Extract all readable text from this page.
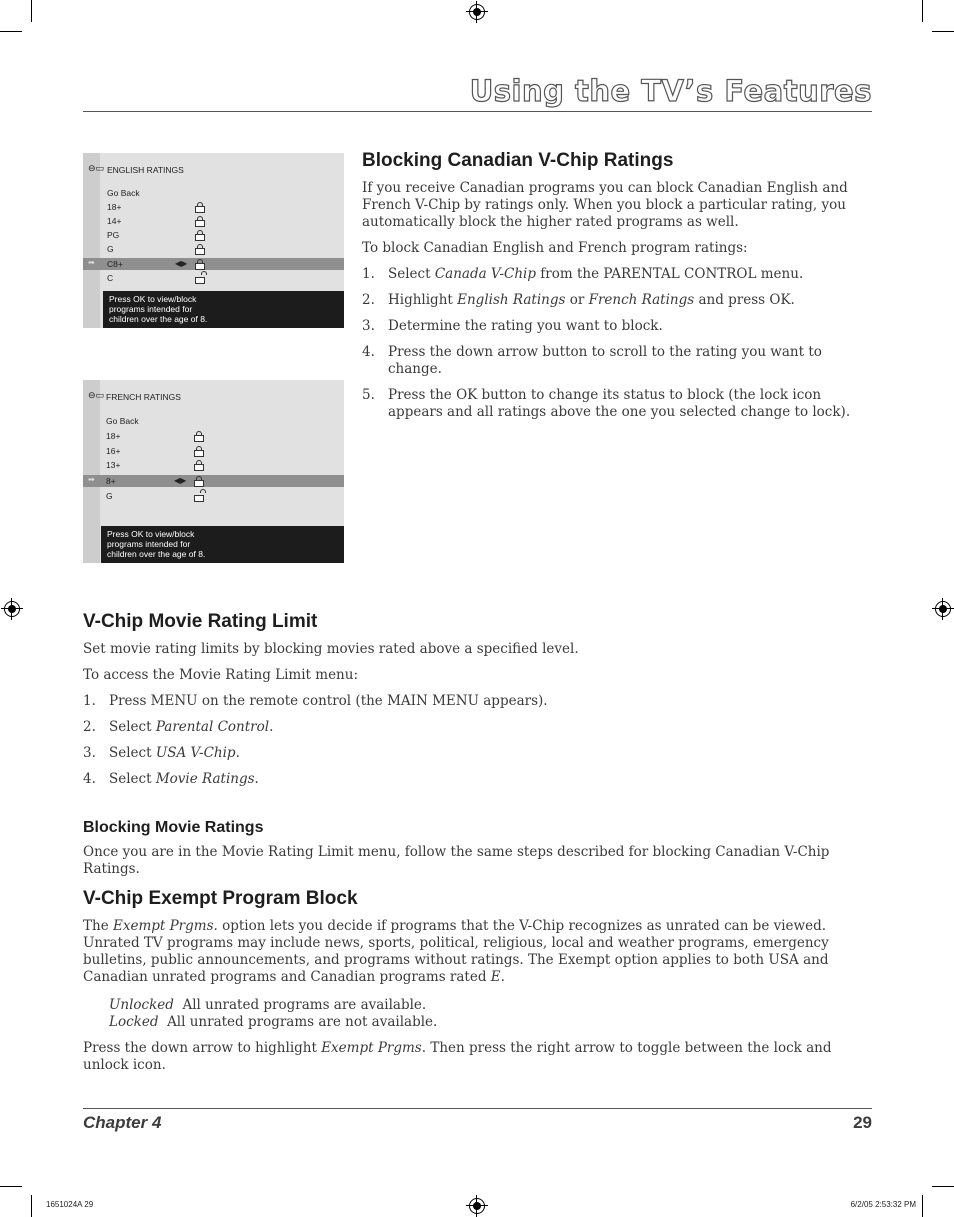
Using the TV’s Features
⊖▭ ENGLISH RATINGS
Go Back
➡
18+
14+
PG
G
C8+
C
◀▶
Press OK to view/block
programs intended for
children over the age of 8.
⊖▭ FRENCH RATINGS
Go Back
➡
18+
16+
13+
8+
G
◀▶
Press OK to view/block
programs intended for
children over the age of 8.
Blocking Canadian V-Chip Ratings
If you receive Canadian programs you can block Canadian English and French V-Chip by ratings only. When you block a particular rating, you automatically block the higher rated programs as well.
To block Canadian English and French program ratings:
1. Select Canada V-Chip from the PARENTAL CONTROL menu.
2. Highlight English Ratings or French Ratings and press OK.
3. Determine the rating you want to block.
4. Press the down arrow button to scroll to the rating you want to change.
5. Press the OK button to change its status to block (the lock icon appears and all ratings above the one you selected change to lock).
V-Chip Movie Rating Limit
Set movie rating limits by blocking movies rated above a specified level.
To access the Movie Rating Limit menu:
1. Press MENU on the remote control (the MAIN MENU appears).
2. Select Parental Control.
3. Select USA V-Chip.
4. Select Movie Ratings.
Blocking Movie Ratings
Once you are in the Movie Rating Limit menu, follow the same steps described for blocking Canadian V-Chip Ratings.
V-Chip Exempt Program Block
The Exempt Prgms. option lets you decide if programs that the V-Chip recognizes as unrated can be viewed. Unrated TV programs may include news, sports, political, religious, local and weather programs, emergency bulletins, public announcements, and programs without ratings. The Exempt option applies to both USA and Canadian unrated programs and Canadian programs rated E.
Unlocked All unrated programs are available.
Locked All unrated programs are not available.
Press the down arrow to highlight Exempt Prgms. Then press the right arrow to toggle between the lock and unlock icon.
Chapter 4	29
1651024A 29	6/2/05 2:53:32 PM
